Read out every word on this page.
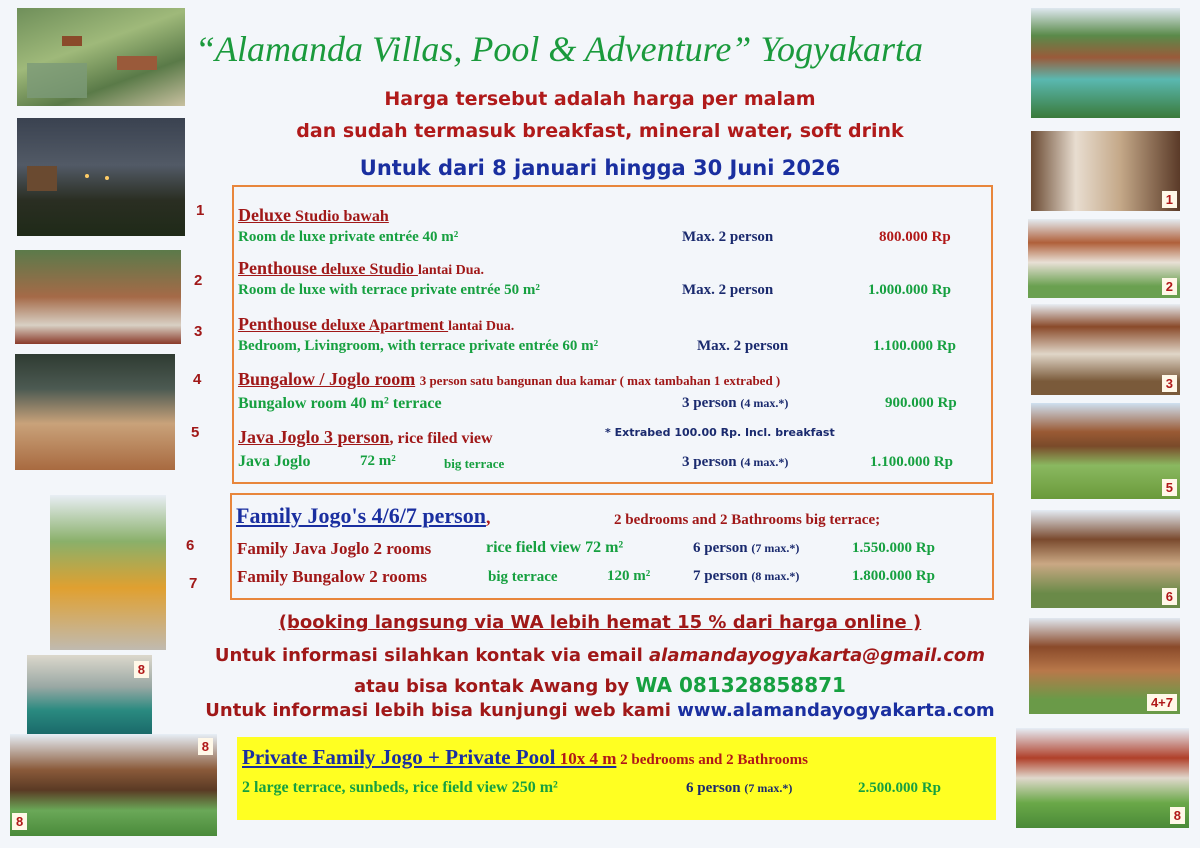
8
8
8
1
2
3
5
6
4+7
8
“Alamanda Villas, Pool & Adventure” Yogyakarta
Harga tersebut adalah harga per malam
dan sudah termasuk breakfast, mineral water, soft drink
Untuk dari 8 januari hingga 30 Juni 2026
1
2
3
4
5
Deluxe Studio bawah
Room de luxe private entrée 40 m²	Max. 2 person	800.000 Rp
Penthouse deluxe Studio lantai Dua.
Room de luxe with terrace private entrée 50 m²	Max. 2 person	1.000.000 Rp
Penthouse deluxe Apartment lantai Dua.
Bedroom, Livingroom, with terrace private entrée 60 m²	Max. 2 person	1.100.000 Rp
Bungalow / Joglo room 3 person satu bangunan dua kamar ( max tambahan 1 extrabed )
Bungalow room 40 m² terrace	3 person (4 max.*)	900.000 Rp
Java Joglo 3 person, rice filed view	* Extrabed 100.00 Rp. Incl. breakfast
Java Joglo	72 m²	big terrace	3 person (4 max.*)	1.100.000 Rp
Family Jogo's 4/6/7 person,	2 bedrooms and 2 Bathrooms big terrace;
6
7
Family Java Joglo 2 rooms	rice field view 72 m²	6 person (7 max.*)	1.550.000 Rp
Family Bungalow 2 rooms	big terrace	120 m²	7 person (8 max.*)	1.800.000 Rp
(booking langsung via WA lebih hemat 15 % dari harga online )
Untuk informasi silahkan kontak via email alamandayogyakarta@gmail.com
atau bisa kontak Awang by WA 081328858871
Untuk informasi lebih bisa kunjungi web kami www.alamandayogyakarta.com
Private Family Jogo + Private Pool 10x 4 m 2 bedrooms and 2 Bathrooms
2 large terrace, sunbeds, rice field view 250 m²	6 person (7 max.*)	2.500.000 Rp
